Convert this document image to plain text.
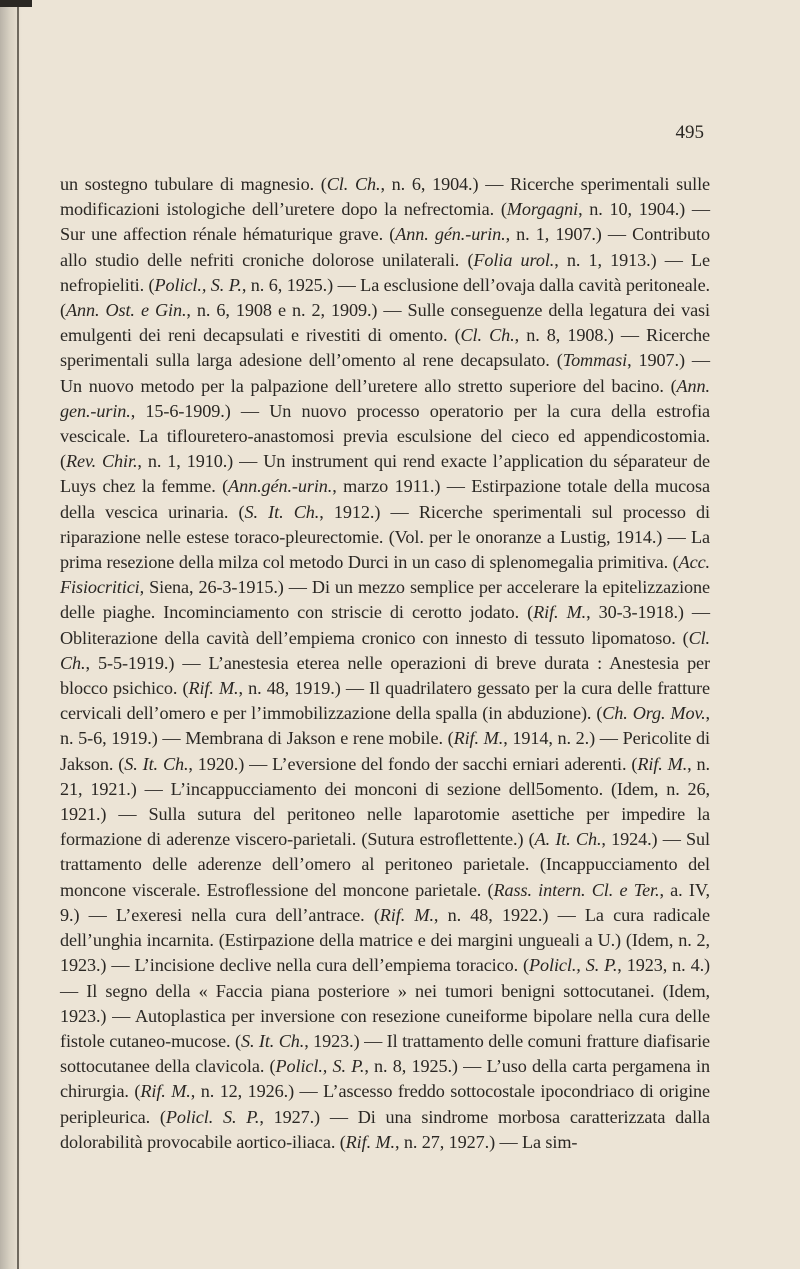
495

un sostegno tubulare di magnesio. (Cl. Ch., n. 6, 1904.) — Ricerche sperimentali sulle modificazioni istologiche dell’uretere dopo la nefrectomia. (Morgagni, n. 10, 1904.) — Sur une affection rénale hématurique grave. (Ann. gén.-urin., n. 1, 1907.) — Contributo allo studio delle nefriti croniche dolorose unilaterali. (Folia urol., n. 1, 1913.) — Le nefropieliti. (Policl., S. P., n. 6, 1925.) — La esclusione dell’ovaja dalla cavità peritoneale. (Ann. Ost. e Gin., n. 6, 1908 e n. 2, 1909.) — Sulle conseguenze della legatura dei vasi emulgenti dei reni decapsulati e rivestiti di omento. (Cl. Ch., n. 8, 1908.) — Ricerche sperimentali sulla larga adesione dell’omento al rene decapsulato. (Tommasi, 1907.) — Un nuovo metodo per la palpazione dell’uretere allo stretto superiore del bacino. (Ann. gen.-urin., 15-6-1909.) — Un nuovo processo operatorio per la cura della estrofia vescicale. La tiflouretero-anastomosi previa esculsione del cieco ed appendicostomia. (Rev. Chir., n. 1, 1910.) — Un instrument qui rend exacte l’application du séparateur de Luys chez la femme. (Ann.gén.-urin., marzo 1911.) — Estirpazione totale della mucosa della vescica urinaria. (S. It. Ch., 1912.) — Ricerche sperimentali sul processo di riparazione nelle estese toraco-pleurectomie. (Vol. per le onoranze a Lustig, 1914.) — La prima resezione della milza col metodo Durci in un caso di splenomegalia primitiva. (Acc. Fisiocritici, Siena, 26-3-1915.) — Di un mezzo semplice per accelerare la epitelizzazione delle piaghe. Incominciamento con striscie di cerotto jodato. (Rif. M., 30-3-1918.) — Obliterazione della cavità dell’empiema cronico con innesto di tessuto lipomatoso. (Cl. Ch., 5-5-1919.) — L’anestesia eterea nelle operazioni di breve durata : Anestesia per blocco psichico. (Rif. M., n. 48, 1919.) — Il quadrilatero gessato per la cura delle fratture cervicali dell’omero e per l’immobilizzazione della spalla (in abduzione). (Ch. Org. Mov., n. 5-6, 1919.) — Membrana di Jakson e rene mobile. (Rif. M., 1914, n. 2.) — Pericolite di Jakson. (S. It. Ch., 1920.) — L’eversione del fondo der sacchi erniari aderenti. (Rif. M., n. 21, 1921.) — L’incappucciamento dei monconi di sezione dell5omento. (Idem, n. 26, 1921.) — Sulla sutura del peritoneo nelle laparotomie asettiche per impedire la formazione di aderenze viscero-parietali. (Sutura estroflettente.) (A. It. Ch., 1924.) — Sul trattamento delle aderenze dell’omero al peritoneo parietale. (Incappucciamento del moncone viscerale. Estroflessione del moncone parietale. (Rass. intern. Cl. e Ter., a. IV, 9.) — L’exeresi nella cura dell’antrace. (Rif. M., n. 48, 1922.) — La cura radicale dell’unghia incarnita. (Estirpazione della matrice e dei margini ungueali a U.) (Idem, n. 2, 1923.) — L’incisione declive nella cura dell’empiema toracico. (Policl., S. P., 1923, n. 4.) — Il segno della « Faccia piana posteriore » nei tumori benigni sottocutanei. (Idem, 1923.) — Autoplastica per inversione con resezione cuneiforme bipolare nella cura delle fistole cutaneo-mucose. (S. It. Ch., 1923.) — Il trattamento delle comuni fratture diafisarie sottocutanee della clavicola. (Policl., S. P., n. 8, 1925.) — L’uso della carta pergamena in chirurgia. (Rif. M., n. 12, 1926.) — L’ascesso freddo sottocostale ipocondriaco di origine peripleurica. (Policl. S. P., 1927.) — Di una sindrome morbosa caratterizzata dalla dolorabilità provocabile aortico-iliaca. (Rif. M., n. 27, 1927.) — La sim-
